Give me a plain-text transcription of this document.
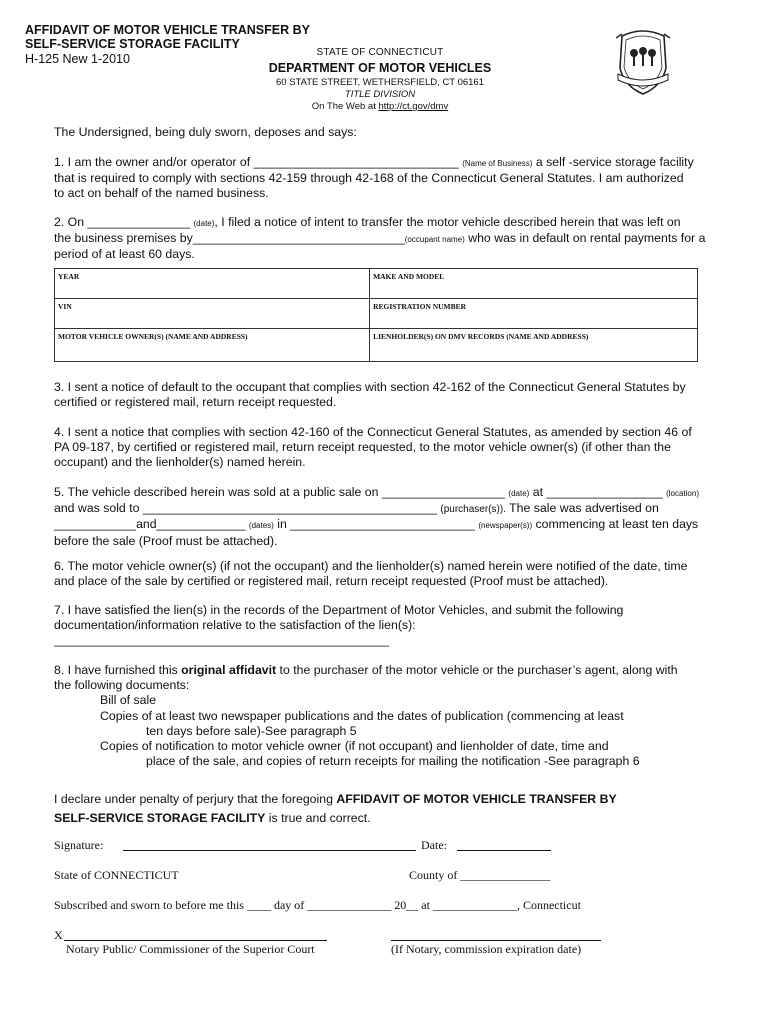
AFFIDAVIT OF MOTOR VEHICLE TRANSFER BY
SELF-SERVICE STORAGE FACILITY
H-125 New 1-2010	STATE OF CONNECTICUT
DEPARTMENT OF MOTOR VEHICLES
60 STATE STREET, WETHERSFIELD, CT 06161
TITLE DIVISION
On The Web at http://ct.gov/dmv
The Undersigned, being duly sworn, deposes and says:
1. I am the owner and/or operator of ______________________________ (Name of Business) a self -service storage facility
that is required to comply with sections 42-159 through 42-168 of the Connecticut General Statutes. I am authorized
to act on behalf of the named business.
2. On _______________ (date), I filed a notice of intent to transfer the motor vehicle described herein that was left on
the business premises by_______________________________(occupant name) who was in default on rental payments for a
period of at least 60 days.
YEAR	MAKE AND MODEL
VIN	REGISTRATION NUMBER
MOTOR VEHICLE OWNER(S) (NAME AND ADDRESS)	LIENHOLDER(S) ON DMV RECORDS (NAME AND ADDRESS)
3. I sent a notice of default to the occupant that complies with section 42-162 of the Connecticut General Statutes by
certified or registered mail, return receipt requested.
4. I sent a notice that complies with section 42-160 of the Connecticut General Statutes, as amended by section 46 of
PA 09-187, by certified or registered mail, return receipt requested, to the motor vehicle owner(s) (if other than the
occupant) and the lienholder(s) named herein.
5. The vehicle described herein was sold at a public sale on __________________ (date) at _________________ (location)
and was sold to ___________________________________________ (purchaser(s)). The sale was advertised on
____________and_____________ (dates) in ___________________________ (newspaper(s)) commencing at least ten days
before the sale (Proof must be attached).
6. The motor vehicle owner(s) (if not the occupant) and the lienholder(s) named herein were notified of the date, time
and place of the sale by certified or registered mail, return receipt requested (Proof must be attached).
7. I have satisfied the lien(s) in the records of the Department of Motor Vehicles, and submit the following
documentation/information relative to the satisfaction of the lien(s):
_________________________________________________
8. I have furnished this original affidavit to the purchaser of the motor vehicle or the purchaser’s agent, along with
the following documents:
Bill of sale
Copies of at least two newspaper publications and the dates of publication (commencing at least
ten days before sale)-See paragraph 5
Copies of notification to motor vehicle owner (if not occupant) and lienholder of date, time and
place of the sale, and copies of return receipts for mailing the notification -See paragraph 6
I declare under penalty of perjury that the foregoing AFFIDAVIT OF MOTOR VEHICLE TRANSFER BY
SELF-SERVICE STORAGE FACILITY is true and correct.
Signature:	Date:
State of CONNECTICUT	County of _______________
Subscribed and sworn to before me this ____ day of ______________ 20__ at ______________, Connecticut
X
Notary Public/ Commissioner of the Superior Court	(If Notary, commission expiration date)
